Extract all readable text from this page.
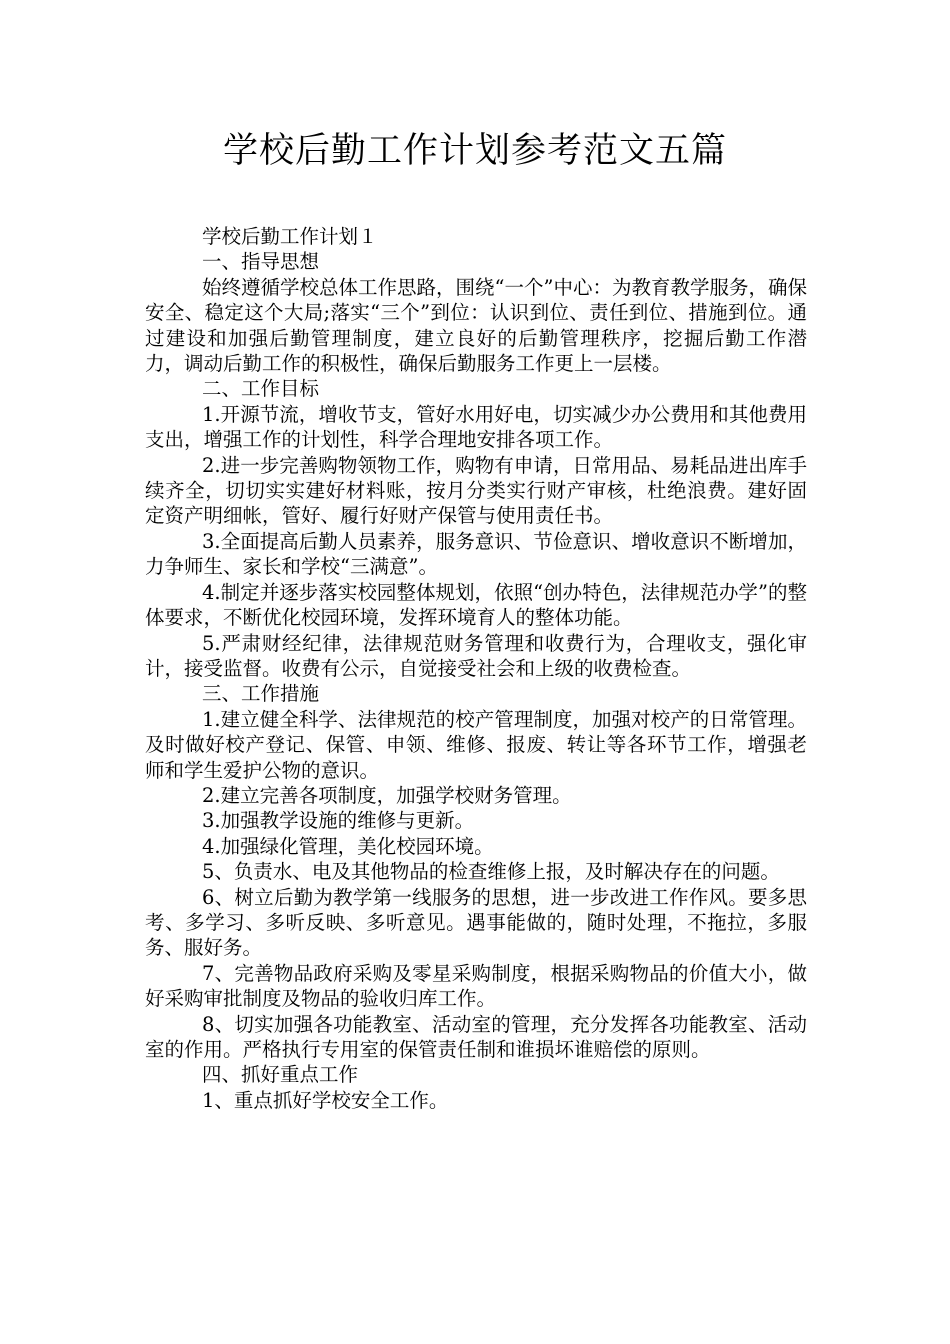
学校后勤工作计划参考范文五篇

学校后勤工作计划１

一、指导思想

始终遵循学校总体工作思路，围绕“一个”中心：为教育教学服务，确保安全、稳定这个大局;落实“三个”到位：认识到位、责任到位、措施到位。通过建设和加强后勤管理制度，建立良好的后勤管理秩序，挖掘后勤工作潜力，调动后勤工作的积极性，确保后勤服务工作更上一层楼。

二、工作目标

1.开源节流，增收节支，管好水用好电，切实减少办公费用和其他费用支出，增强工作的计划性，科学合理地安排各项工作。

2.进一步完善购物领物工作，购物有申请，日常用品、易耗品进出库手续齐全，切切实实建好材料账，按月分类实行财产审核，杜绝浪费。建好固定资产明细帐，管好、履行好财产保管与使用责任书。

3.全面提高后勤人员素养，服务意识、节俭意识、增收意识不断增加，力争师生、家长和学校“三满意”。

4.制定并逐步落实校园整体规划，依照“创办特色，法律规范办学”的整体要求，不断优化校园环境，发挥环境育人的整体功能。

5.严肃财经纪律，法律规范财务管理和收费行为，合理收支，强化审计，接受监督。收费有公示，自觉接受社会和上级的收费检查。

三、工作措施

1.建立健全科学、法律规范的校产管理制度，加强对校产的日常管理。及时做好校产登记、保管、申领、维修、报废、转让等各环节工作，增强老师和学生爱护公物的意识。

2.建立完善各项制度，加强学校财务管理。

3.加强教学设施的维修与更新。

4.加强绿化管理，美化校园环境。

5、负责水、电及其他物品的检查维修上报，及时解决存在的问题。

6、树立后勤为教学第一线服务的思想，进一步改进工作作风。要多思考、多学习、多听反映、多听意见。遇事能做的，随时处理，不拖拉，多服务、服好务。

7、完善物品政府采购及零星采购制度，根据采购物品的价值大小，做好采购审批制度及物品的验收归库工作。

8、切实加强各功能教室、活动室的管理，充分发挥各功能教室、活动室的作用。严格执行专用室的保管责任制和谁损坏谁赔偿的原则。

四、抓好重点工作

1、重点抓好学校安全工作。
